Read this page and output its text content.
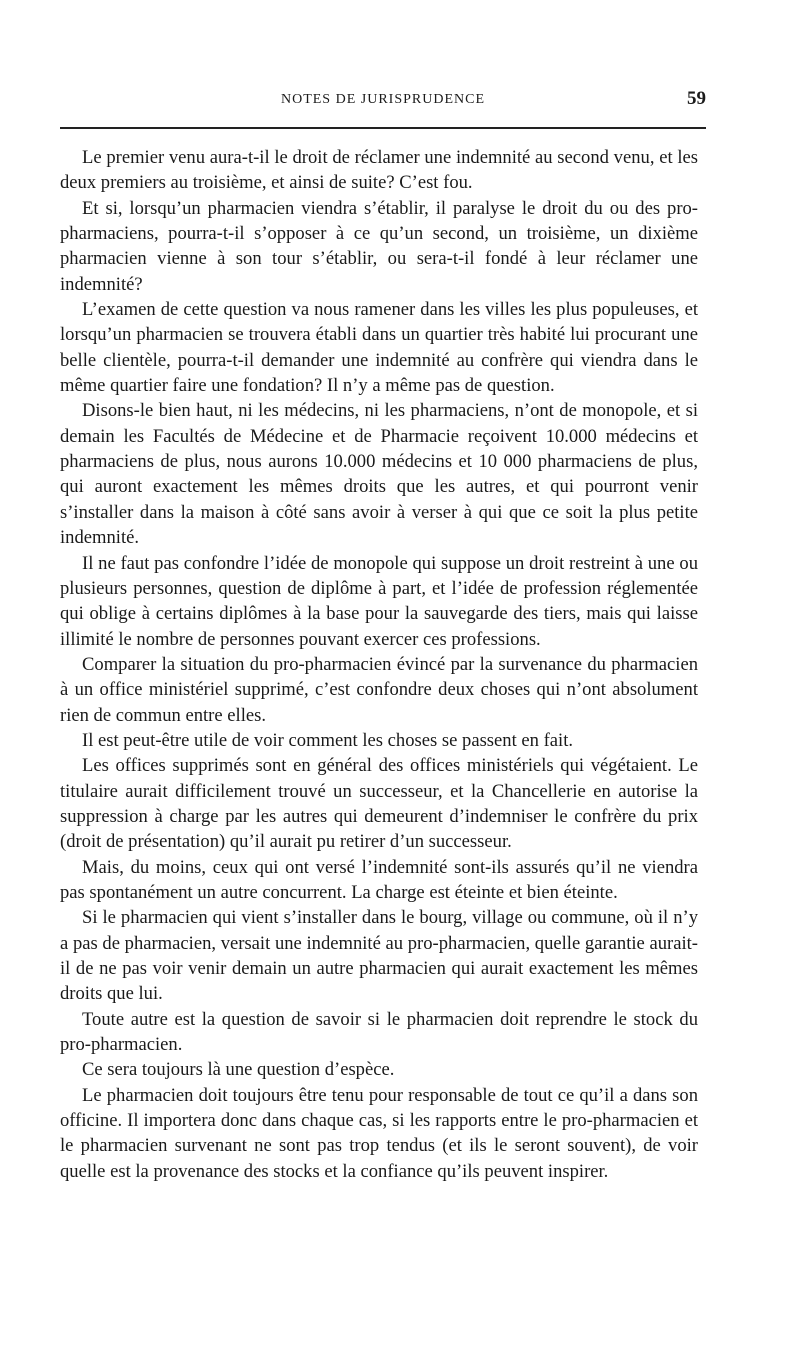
NOTES DE JURISPRUDENCE	59

Le premier venu aura-t-il le droit de réclamer une indemnité au second venu, et les deux premiers au troisième, et ainsi de suite? C’est fou.

Et si, lorsqu’un pharmacien viendra s’établir, il paralyse le droit du ou des pro-pharmaciens, pourra-t-il s’opposer à ce qu’un second, un troisième, un dixième pharmacien vienne à son tour s’établir, ou sera-t-il fondé à leur réclamer une indemnité?

L’examen de cette question va nous ramener dans les villes les plus populeuses, et lorsqu’un pharmacien se trouvera établi dans un quartier très habité lui procurant une belle clientèle, pourra-t-il demander une indemnité au confrère qui viendra dans le même quartier faire une fondation? Il n’y a même pas de question.

Disons-le bien haut, ni les médecins, ni les pharmaciens, n’ont de monopole, et si demain les Facultés de Médecine et de Pharmacie reçoivent 10.000 médecins et pharmaciens de plus, nous aurons 10.000 médecins et 10 000 pharmaciens de plus, qui auront exactement les mêmes droits que les autres, et qui pourront venir s’installer dans la maison à côté sans avoir à verser à qui que ce soit la plus petite indemnité.

Il ne faut pas confondre l’idée de monopole qui suppose un droit restreint à une ou plusieurs personnes, question de diplôme à part, et l’idée de profession réglementée qui oblige à certains diplômes à la base pour la sauvegarde des tiers, mais qui laisse illimité le nombre de personnes pouvant exercer ces professions.

Comparer la situation du pro-pharmacien évincé par la survenance du pharmacien à un office ministériel supprimé, c’est confondre deux choses qui n’ont absolument rien de commun entre elles.

Il est peut-être utile de voir comment les choses se passent en fait.

Les offices supprimés sont en général des offices ministériels qui végétaient. Le titulaire aurait difficilement trouvé un successeur, et la Chancellerie en autorise la suppression à charge par les autres qui demeurent d’indemniser le confrère du prix (droit de présentation) qu’il aurait pu retirer d’un successeur.

Mais, du moins, ceux qui ont versé l’indemnité sont-ils assurés qu’il ne viendra pas spontanément un autre concurrent. La charge est éteinte et bien éteinte.

Si le pharmacien qui vient s’installer dans le bourg, village ou commune, où il n’y a pas de pharmacien, versait une indemnité au pro-pharmacien, quelle garantie aurait-il de ne pas voir venir demain un autre pharmacien qui aurait exactement les mêmes droits que lui.

Toute autre est la question de savoir si le pharmacien doit reprendre le stock du pro-pharmacien.

Ce sera toujours là une question d’espèce.

Le pharmacien doit toujours être tenu pour responsable de tout ce qu’il a dans son officine. Il importera donc dans chaque cas, si les rapports entre le pro-pharmacien et le pharmacien survenant ne sont pas trop tendus (et ils le seront souvent), de voir quelle est la provenance des stocks et la confiance qu’ils peuvent inspirer.
